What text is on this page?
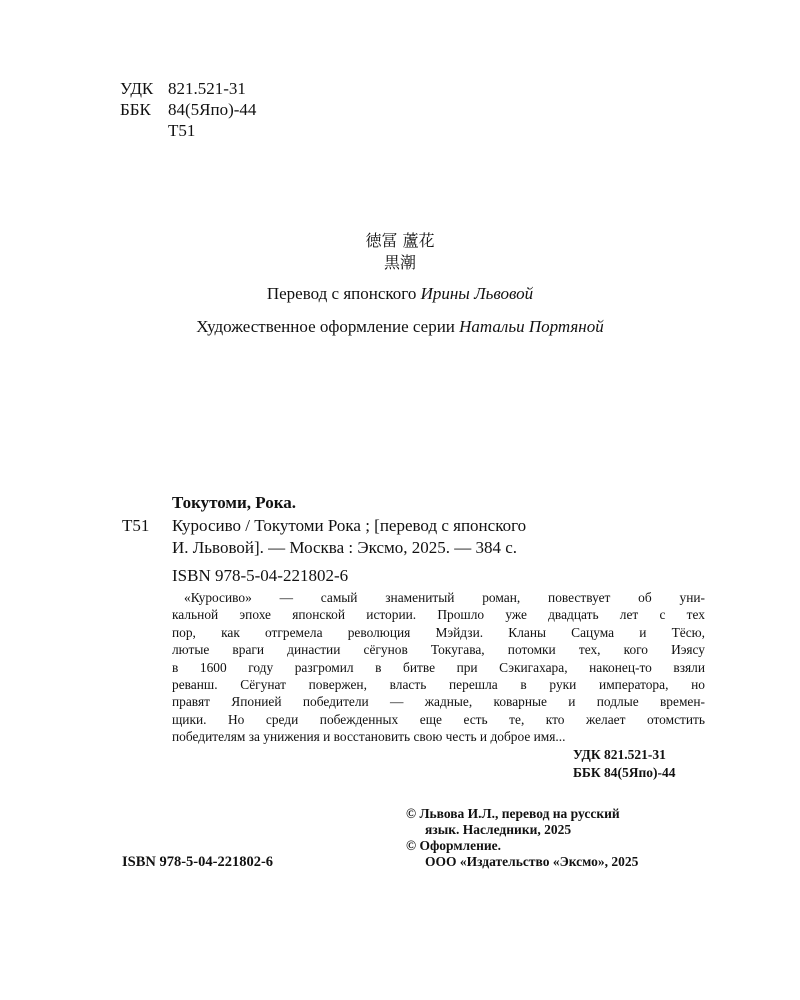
УДК 821.521-31
ББК 84(5Япо)-44
Т51
徳冨 蘆花
黒潮
Перевод с японского Ирины Львовой
Художественное оформление серии Натальи Портяной
Токутоми, Рока.
Т51 Куросиво / Токутоми Рока ; [перевод с японского
И. Львовой]. — Москва : Эксмо, 2025. — 384 с.
ISBN 978-5-04-221802-6
«Куросиво» — самый знаменитый роман, повествует об уни-
кальной эпохе японской истории. Прошло уже двадцать лет с тех
пор, как отгремела революция Мэйдзи. Кланы Сацума и Тёсю,
лютые враги династии сёгунов Токугава, потомки тех, кого Иэясу
в 1600 году разгромил в битве при Сэкигахара, наконец-то взяли
реванш. Сёгунат повержен, власть перешла в руки императора, но
правят Японией победители — жадные, коварные и подлые времен-
щики. Но среди побежденных еще есть те, кто желает отомстить
победителям за унижения и восстановить свою честь и доброе имя...
УДК 821.521-31
ББК 84(5Япо)-44
© Львова И.Л., перевод на русский
язык. Наследники, 2025
© Оформление.
ООО «Издательство «Эксмо», 2025
ISBN 978-5-04-221802-6
